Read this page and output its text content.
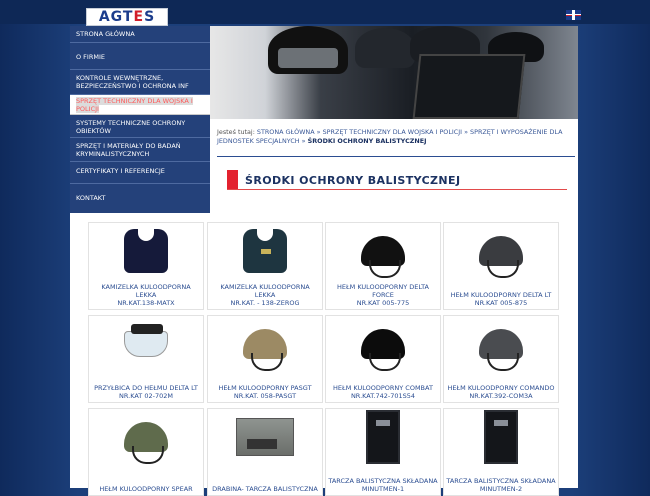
AGTES
STRONA GŁÓWNA
O FIRMIE
KONTROLE WEWNĘTRZNE, BEZPIECZEŃSTWO I OCHRONA INF
SPRZĘT TECHNICZNY DLA WOJSKA I POLICJI
SYSTEMY TECHNICZNE OCHRONY OBIEKTÓW
SPRZĘT I MATERIAŁY DO BADAŃ KRYMINALISTYCZNYCH
CERTYFIKATY I REFERENCJE
KONTAKT
Jesteś tutaj: STRONA GŁÓWNA » SPRZĘT TECHNICZNY DLA WOJSKA I POLICJI » SPRZĘT I WYPOSAŻENIE DLA JEDNOSTEK SPECJALNYCH » ŚRODKI OCHRONY BALISTYCZNEJ
ŚRODKI OCHRONY BALISTYCZNEJ
KAMIZELKA KULOODPORNA LEKKA
NR.KAT.138-MATX
KAMIZELKA KULOODPORNA LEKKA
NR.KAT. - 138-ZEROG
HEŁM KULOODPORNY DELTA FORCE
NR.KAT 005-775
HEŁM KULOODPORNY DELTA LT
NR.KAT 005-875
PRZYŁBICA DO HEŁMU DELTA LT
NR.KAT 02-702M
HEŁM KULOODPORNY PASGT
NR.KAT. 058-PASGT
HEŁM KULOODPORNY COMBAT
NR.KAT.742-701S54
HEŁM KULOODPORNY COMANDO
NR.KAT.392-COM3A
HEŁM KULOODPORNY SPEAR	DRABINA- TARCZA BALISTYCZNA
TARCZA BALISTYCZNA SKŁADANA MINUTMEN-1
TARCZA BALISTYCZNA SKŁADANA MINUTMEN-2
